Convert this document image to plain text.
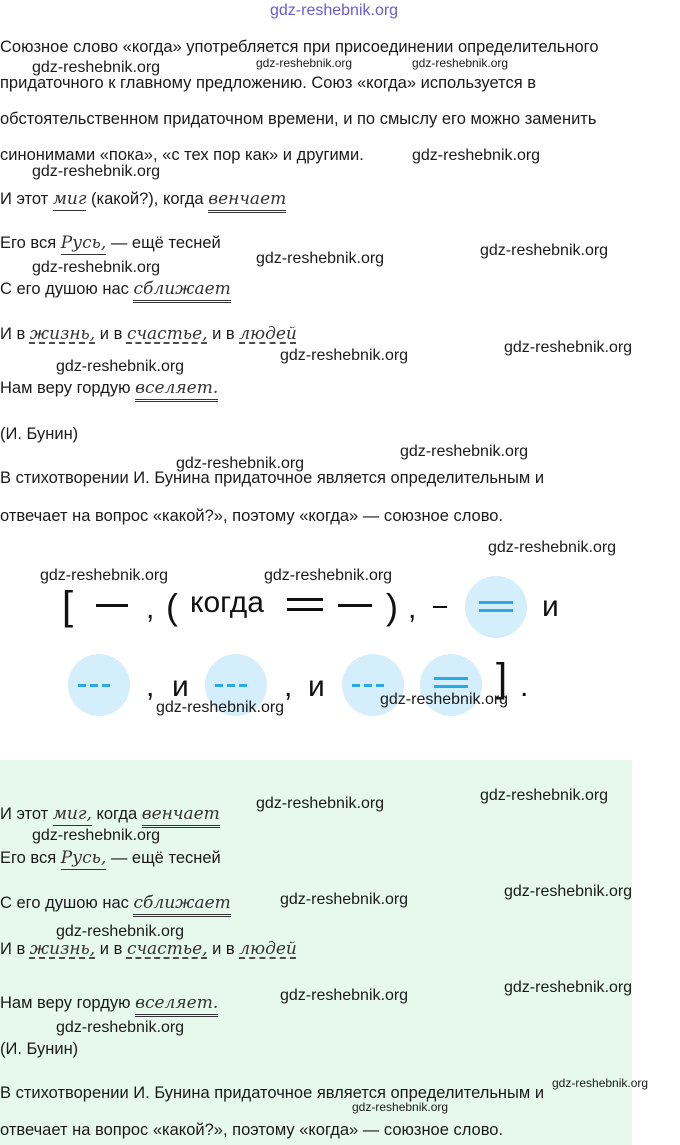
gdz-reshebnik.org
Союзное слово «когда» употребляется при присоединении определительного
придаточного к главному предложению. Союз «когда» используется в
обстоятельственном придаточном времени, и по смыслу его можно заменить
синонимами «пока», «с тех пор как» и другими.
И этот миг (какой?), когда венчает
Его вся Русь, — ещё тесней
С его душою нас сближает
И в жизнь, и в счастье, и в людей
Нам веру гордую вселяет.
(И. Бунин)
В стихотворении И. Бунина придаточное является определительным и
отвечает на вопрос «какой?», поэтому «когда» — союзное слово.
[ , ( когда	) ,	и
, и	, и	] .
И этот миг, когда венчает
Его вся Русь, — ещё тесней
С его душою нас сближает
И в жизнь, и в счастье, и в людей
Нам веру гордую вселяет.
(И. Бунин)
В стихотворении И. Бунина придаточное является определительным и
отвечает на вопрос «какой?», поэтому «когда» — союзное слово.
gdz-reshebnik.org	gdz-reshebnik.org	gdz-reshebnik.org
gdz-reshebnik.org
gdz-reshebnik.org
gdz-reshebnik.org
gdz-reshebnik.org
gdz-reshebnik.org
gdz-reshebnik.org
gdz-reshebnik.org
gdz-reshebnik.org
gdz-reshebnik.org
gdz-reshebnik.org
gdz-reshebnik.org
gdz-reshebnik.org	gdz-reshebnik.org
gdz-reshebnik.org
gdz-reshebnik.org
gdz-reshebnik.org
gdz-reshebnik.org
gdz-reshebnik.org
gdz-reshebnik.org
gdz-reshebnik.org
gdz-reshebnik.org
gdz-reshebnik.org
gdz-reshebnik.org
gdz-reshebnik.org
gdz-reshebnik.org
gdz-reshebnik.org
